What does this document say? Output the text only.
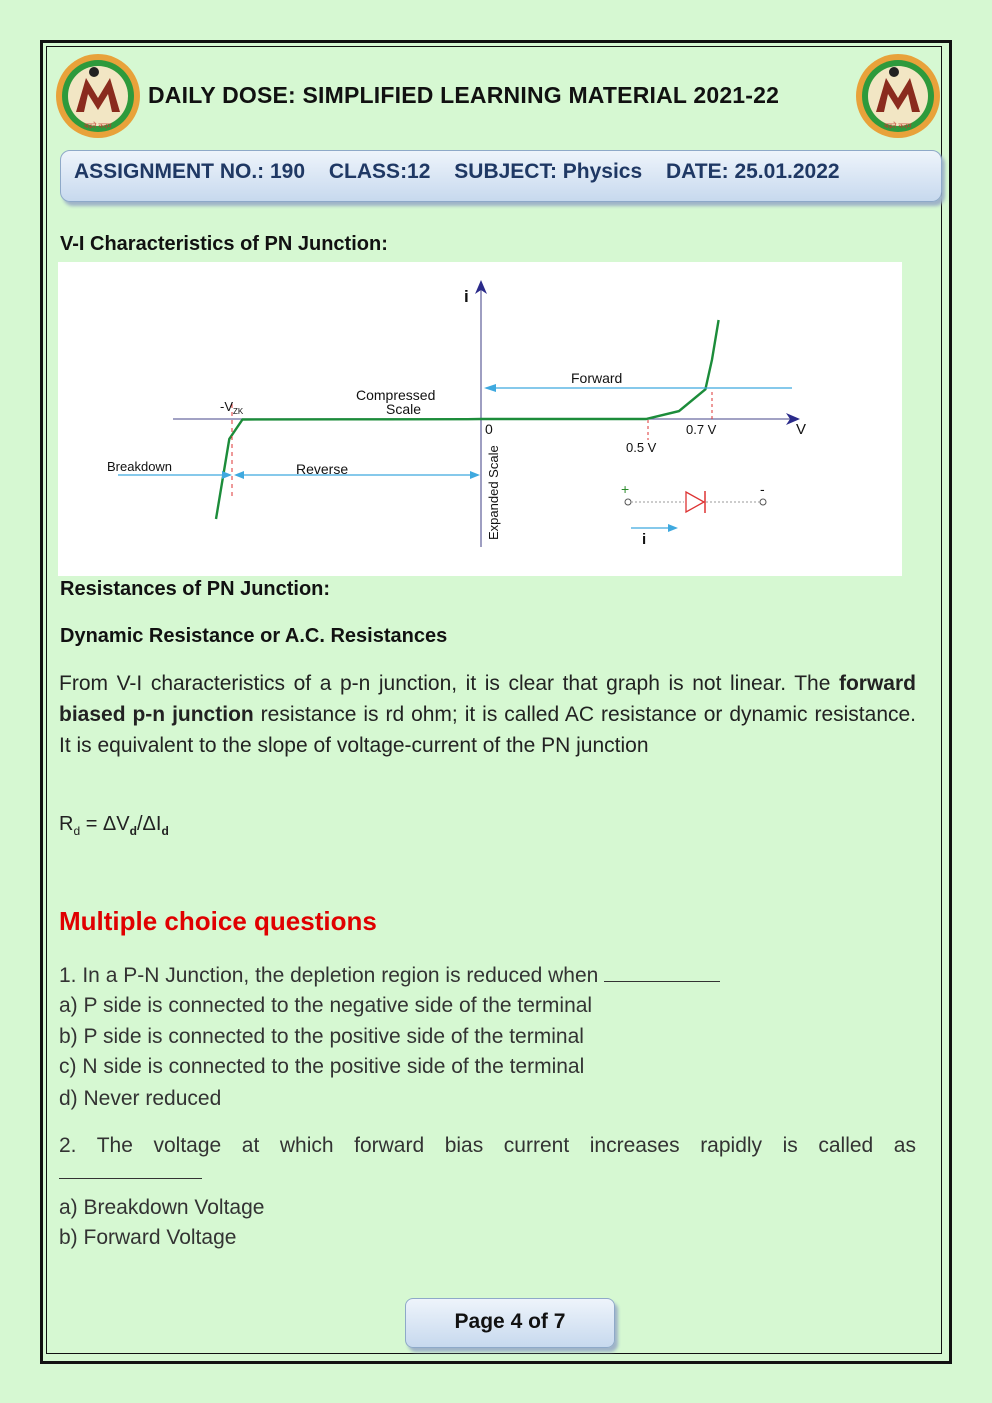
बढ़ते कदम
DAILY DOSE: SIMPLIFIED LEARNING MATERIAL 2021-22
बढ़ते कदम
ASSIGNMENT NO.: 190 CLASS:12 SUBJECT: Physics DATE: 25.01.2022
V-I Characteristics of PN Junction:
i
V
0
Forward
Compressed
Scale
$-V_{ZK}$
Breakdown	Reverse	Expanded Scale	0.5 V
0.7 V
+	-
i
Resistances of PN Junction:
Dynamic Resistance or A.C. Resistances
From V-I characteristics of a p-n junction, it is clear that graph is not linear. The forward biased p-n junction resistance is rd ohm; it is called AC resistance or dynamic resistance. It is equivalent to the slope of voltage-current of the PN junction
$R_d = \Delta V_d/\Delta I_d$
Multiple choice questions
1. In a P-N Junction, the depletion region is reduced when
a) P side is connected to the negative side of the terminal
b) P side is connected to the positive side of the terminal
c) N side is connected to the positive side of the terminal
d) Never reduced
2. The voltage at which forward bias current increases rapidly is called as
a) Breakdown Voltage
b) Forward Voltage
Page 4 of 7
